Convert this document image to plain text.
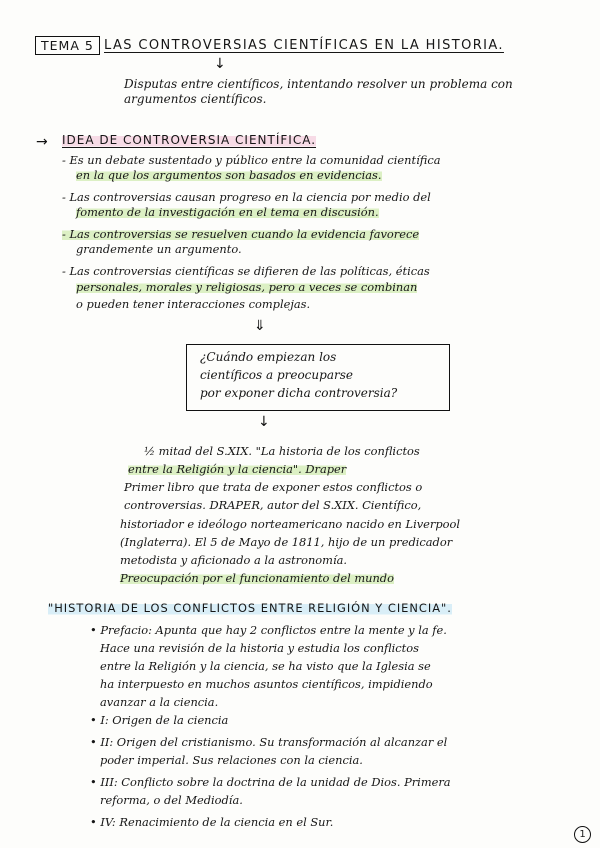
TEMA 5 LAS CONTROVERSIAS CIENTÍFICAS EN LA HISTORIA.
↓
Disputas entre científicos, intentando resolver un problema con
argumentos científicos.
→ IDEA DE CONTROVERSIA CIENTÍFICA.
- Es un debate sustentado y público entre la comunidad científica
en la que los argumentos son basados en evidencias.
- Las controversias causan progreso en la ciencia por medio del
fomento de la investigación en el tema en discusión.
- Las controversias se resuelven cuando la evidencia favorece
grandemente un argumento.
- Las controversias científicas se difieren de las políticas, éticas
personales, morales y religiosas, pero a veces se combinan
o pueden tener interacciones complejas.
⇓
¿Cuándo empiezan los
científicos a preocuparse
por exponer dicha controversia?
↓
½ mitad del S.XIX. "La historia de los conflictos
entre la Religión y la ciencia". Draper
Primer libro que trata de exponer estos conflictos o
controversias. DRAPER, autor del S.XIX. Científico,
historiador e ideólogo norteamericano nacido en Liverpool
(Inglaterra). El 5 de Mayo de 1811, hijo de un predicador
metodista y aficionado a la astronomía.
Preocupación por el funcionamiento del mundo
"HISTORIA DE LOS CONFLICTOS ENTRE RELIGIÓN Y CIENCIA".
• Prefacio: Apunta que hay 2 conflictos entre la mente y la fe.
Hace una revisión de la historia y estudia los conflictos
entre la Religión y la ciencia, se ha visto que la Iglesia se
ha interpuesto en muchos asuntos científicos, impidiendo
avanzar a la ciencia.
• I: Origen de la ciencia
• II: Origen del cristianismo. Su transformación al alcanzar el
poder imperial. Sus relaciones con la ciencia.
• III: Conflicto sobre la doctrina de la unidad de Dios. Primera
reforma, o del Mediodía.
• IV: Renacimiento de la ciencia en el Sur.
1
